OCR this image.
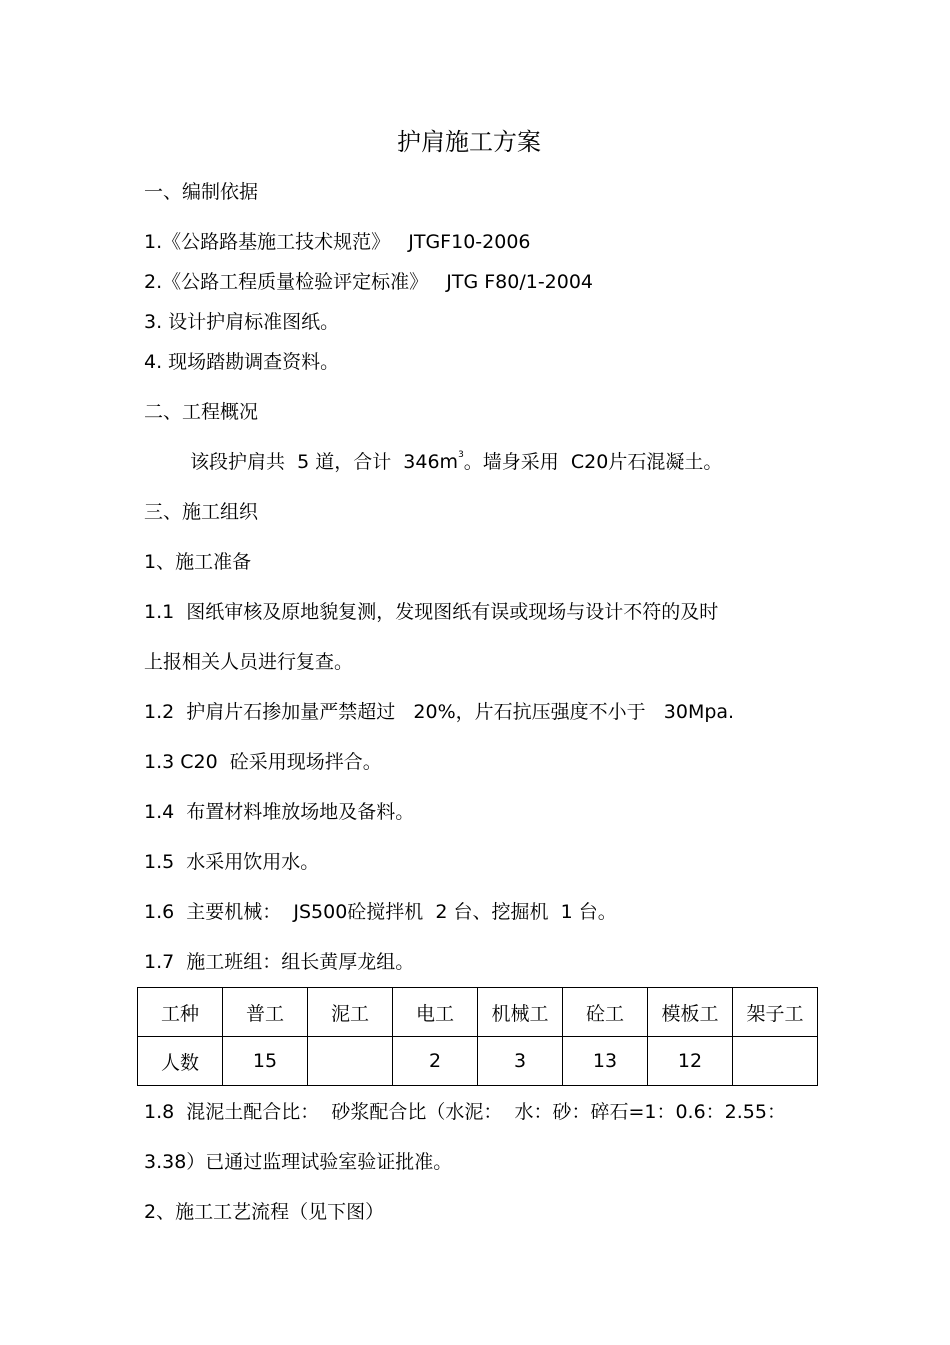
护肩施工方案
一、编制依据
1.《公路路基施工技术规范》   JTGF10-2006
2.《公路工程质量检验评定标准》   JTG F80/1-2004
3. 设计护肩标准图纸。
4. 现场踏勘调查资料。
二、工程概况
该段护肩共  5 道，合计  $346m^3$。墙身采用  C20片石混凝土。
三、施工组织
1、施工准备
1.1  图纸审核及原地貌复测，发现图纸有误或现场与设计不符的及时
上报相关人员进行复查。
1.2  护肩片石掺加量严禁超过   20%，片石抗压强度不小于   30Mpa.
1.3 C20  砼采用现场拌合。
1.4  布置材料堆放场地及备料。
1.5  水采用饮用水。
1.6  主要机械：  JS500砼搅拌机  2 台、挖掘机  1 台。
1.7  施工班组：组长黄厚龙组。
工种	普工	泥工	电工	机械工	砼工	模板工	架子工
人数	15		2	3	13	12	
1.8  混泥土配合比：  砂浆配合比（水泥：  水：砂：碎石=1：0.6：2.55：
3.38）已通过监理试验室验证批准。
2、施工工艺流程（见下图）
